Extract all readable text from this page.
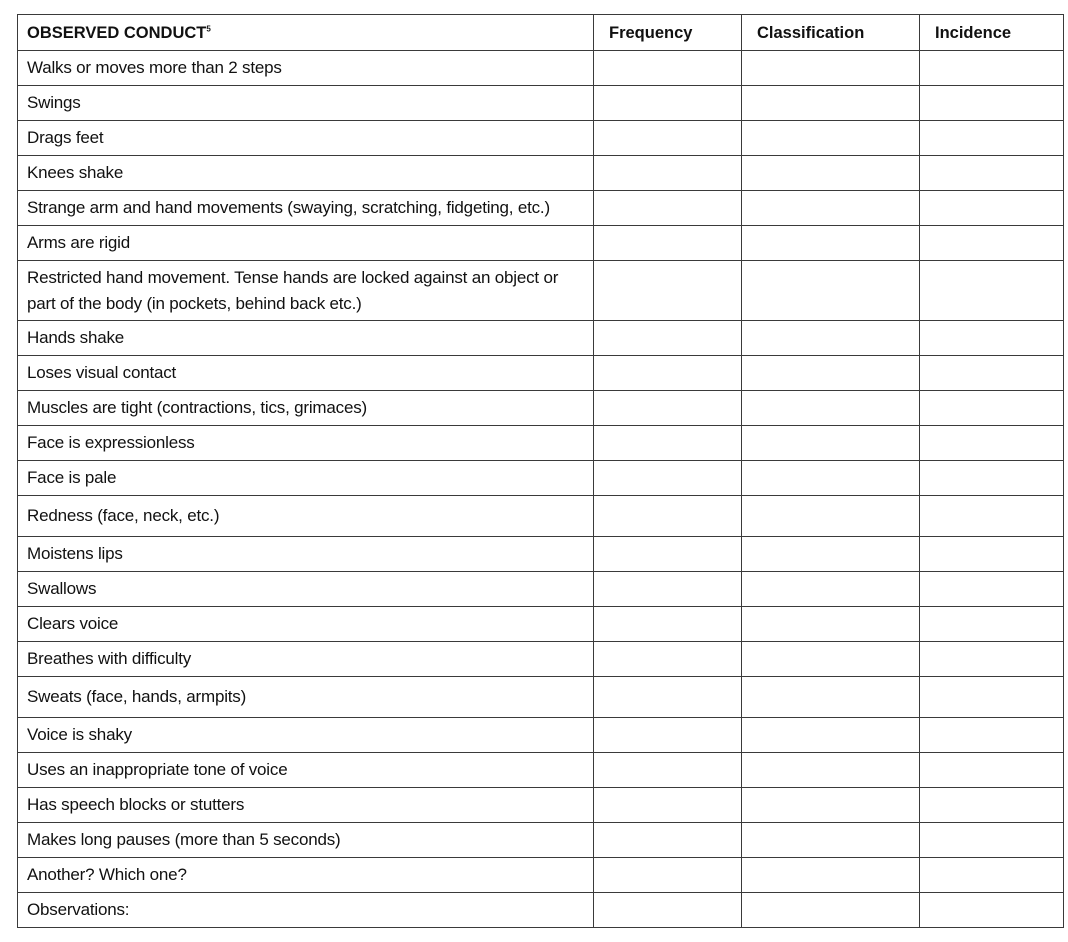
OBSERVED CONDUCT$^5$	Frequency	Classification	Incidence
Walks or moves more than 2 steps			
Swings			
Drags feet			
Knees shake			
Strange arm and hand movements (swaying, scratching, fidgeting, etc.)			
Arms are rigid			
Restricted hand movement. Tense hands are locked against an object or part of the body (in pockets, behind back etc.)			
Hands shake			
Loses visual contact			
Muscles are tight (contractions, tics, grimaces)			
Face is expressionless			
Face is pale			
Redness (face, neck, etc.)			
Moistens lips			
Swallows			
Clears voice			
Breathes with difficulty			
Sweats (face, hands, armpits)			
Voice is shaky			
Uses an inappropriate tone of voice			
Has speech blocks or stutters			
Makes long pauses (more than 5 seconds)			
Another? Which one?			
Observations:			
